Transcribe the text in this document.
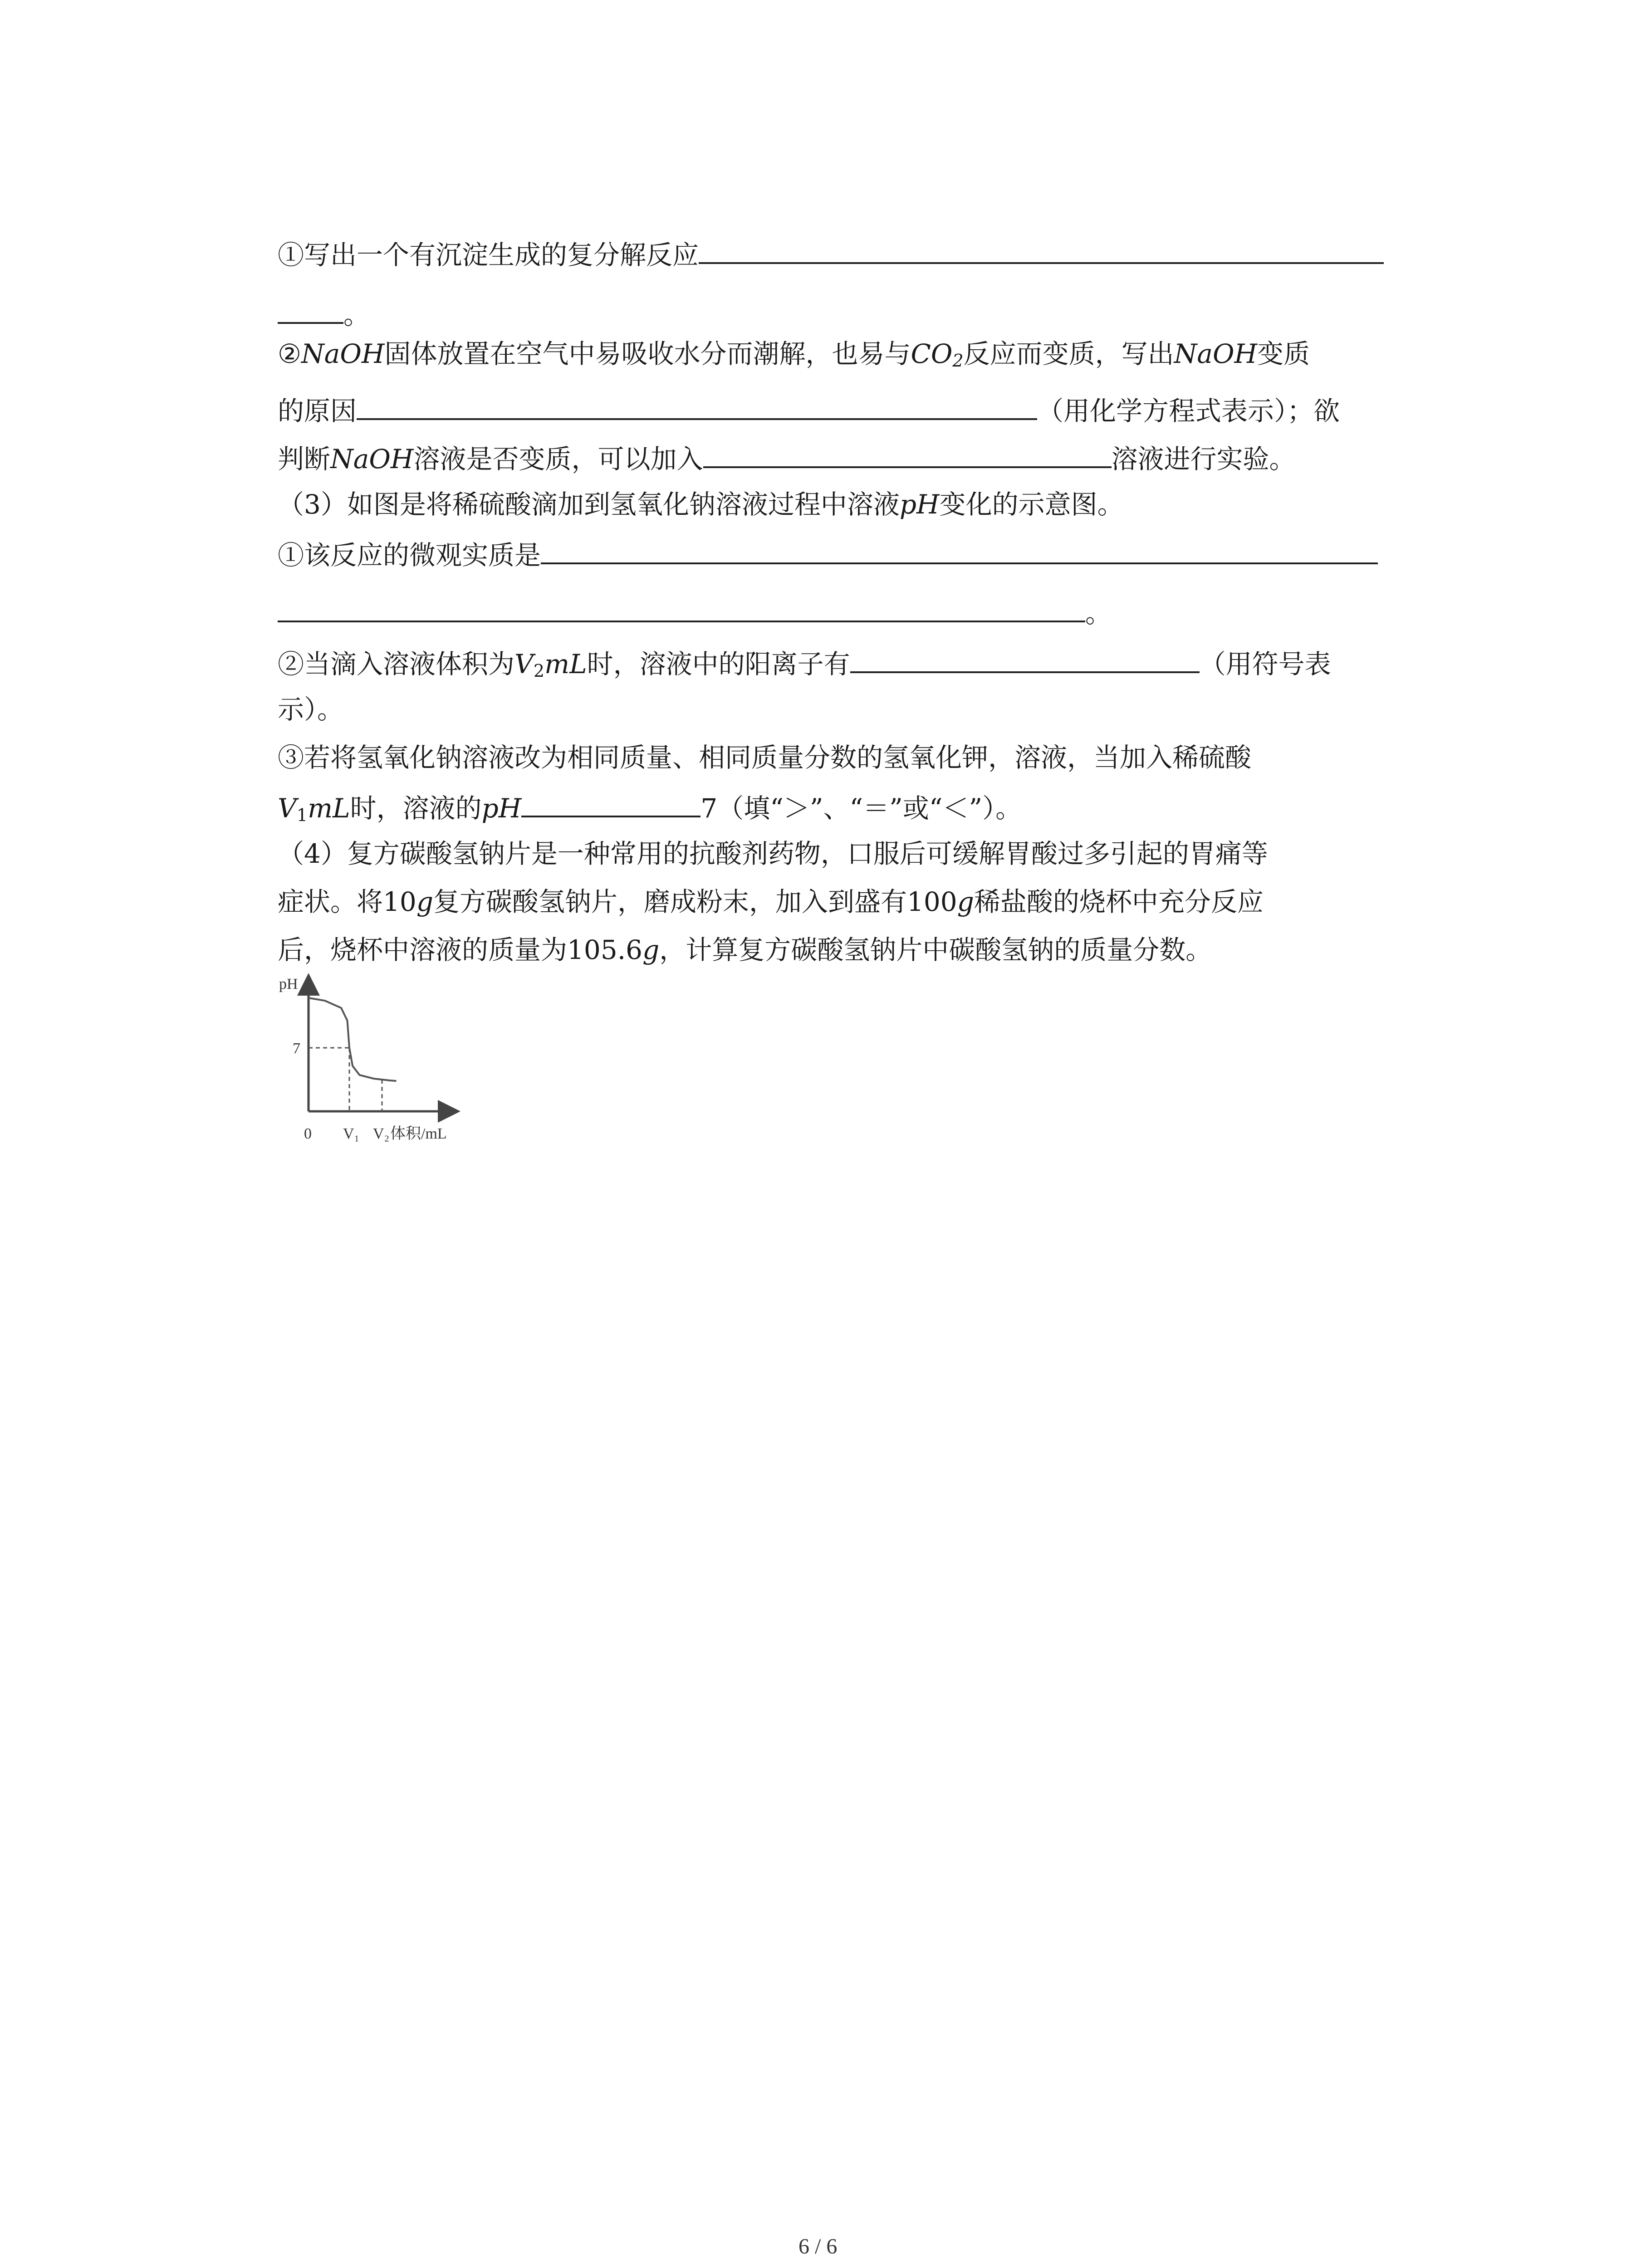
①写出一个有沉淀生成的复分解反应
。
②NaOH固体放置在空气中易吸收水分而潮解，也易与$CO_2$反应而变质，写出NaOH变质
的原因	（用化学方程式表示）；欲
判断NaOH溶液是否变质，可以加入	溶液进行实验。
（3）如图是将稀硫酸滴加到氢氧化钠溶液过程中溶液pH变化的示意图。
①该反应的微观实质是
。
②当滴入溶液体积为$V_2mL$时，溶液中的阳离子有	（用符号表
示）。
③若将氢氧化钠溶液改为相同质量、相同质量分数的氢氧化钾，溶液，当加入稀硫酸
$V_1mL$时，溶液的pH	7（填“＞”、“＝”或“＜”）。
（4）复方碳酸氢钠片是一种常用的抗酸剂药物，口服后可缓解胃酸过多引起的胃痛等
症状。将10g复方碳酸氢钠片，磨成粉末，加入到盛有100g稀盐酸的烧杯中充分反应
后，烧杯中溶液的质量为105.6g，计算复方碳酸氢钠片中碳酸氢钠的质量分数。
pH
7
0 V₁ V₂ 体积/mL
6 / 6
